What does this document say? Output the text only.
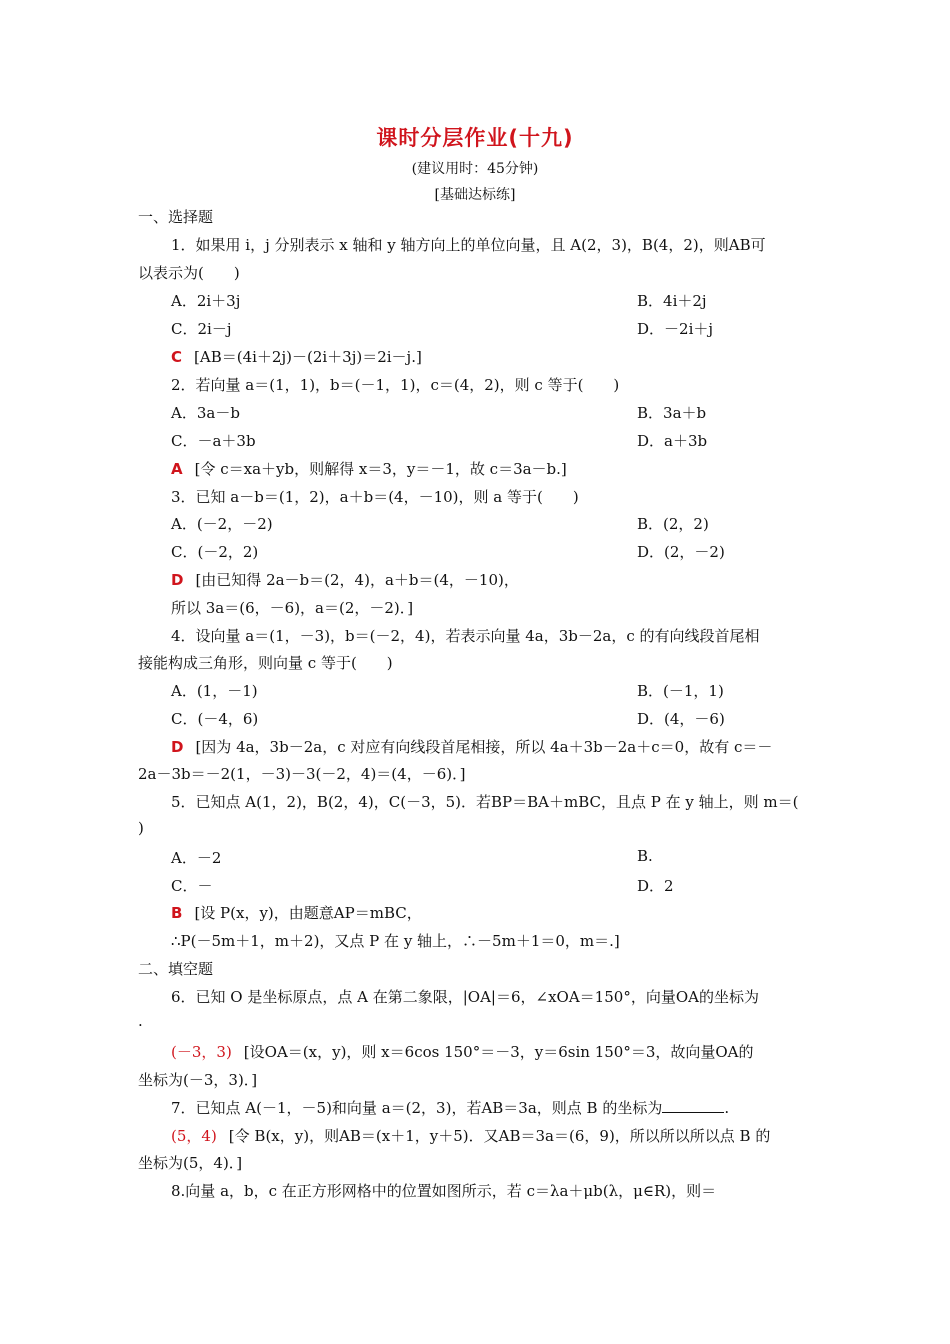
课时分层作业(十九)
(建议用时：45分钟)
[基础达标练]
一、选择题
1．如果用 i，j 分别表示 x 轴和 y 轴方向上的单位向量，且 A(2，3)，B(4，2)，则AB可
以表示为(　　)
A．2i＋3j	B．4i＋2j
C．2i－j	D．－2i＋j
C [AB＝(4i＋2j)－(2i＋3j)＝2i－j.]
2．若向量 a＝(1，1)，b＝(－1，1)，c＝(4，2)，则 c 等于(　　)
A．3a－b	B．3a＋b
C．－a＋3b	D．a＋3b
A [令 c＝xa＋yb，则解得 x＝3，y＝－1，故 c＝3a－b.]
3．已知 a－b＝(1，2)，a＋b＝(4，－10)，则 a 等于(　　)
A．(－2，－2)	B．(2，2)
C．(－2，2)	D．(2，－2)
D [由已知得 2a－b＝(2，4)，a＋b＝(4，－10)，
所以 3a＝(6，－6)，a＝(2，－2)．]
4．设向量 a＝(1，－3)，b＝(－2，4)，若表示向量 4a，3b－2a，c 的有向线段首尾相
接能构成三角形，则向量 c 等于(　　)
A．(1，－1)	B．(－1，1)
C．(－4，6)	D．(4，－6)
D [因为 4a，3b－2a，c 对应有向线段首尾相接，所以 4a＋3b－2a＋c＝0，故有 c＝－
2a－3b＝－2(1，－3)－3(－2，4)＝(4，－6)．]
5．已知点 A(1，2)，B(2，4)，C(－3，5)．若BP＝BA＋mBC，且点 P 在 y 轴上，则 m＝(
)
A．－2	B.
C．－	D．2
B [设 P(x，y)，由题意AP＝mBC，
∴P(－5m＋1，m＋2)，又点 P 在 y 轴上，∴－5m＋1＝0，m＝.]
二、填空题
6．已知 O 是坐标原点，点 A 在第二象限，|OA|＝6，∠xOA＝150°，向量OA的坐标为
.
(－3，3) [设OA＝(x，y)，则 x＝6cos 150°＝－3，y＝6sin 150°＝3，故向量OA的
坐标为(－3，3)．]
7．已知点 A(－1，－5)和向量 a＝(2，3)，若AB＝3a，则点 B 的坐标为	.
(5，4) [令 B(x，y)，则AB＝(x＋1，y＋5)．又AB＝3a＝(6，9)，所以所以所以点 B 的
坐标为(5，4)．]
8.向量 a，b，c 在正方形网格中的位置如图所示，若 c＝λa＋μb(λ，μ∈R)，则＝
